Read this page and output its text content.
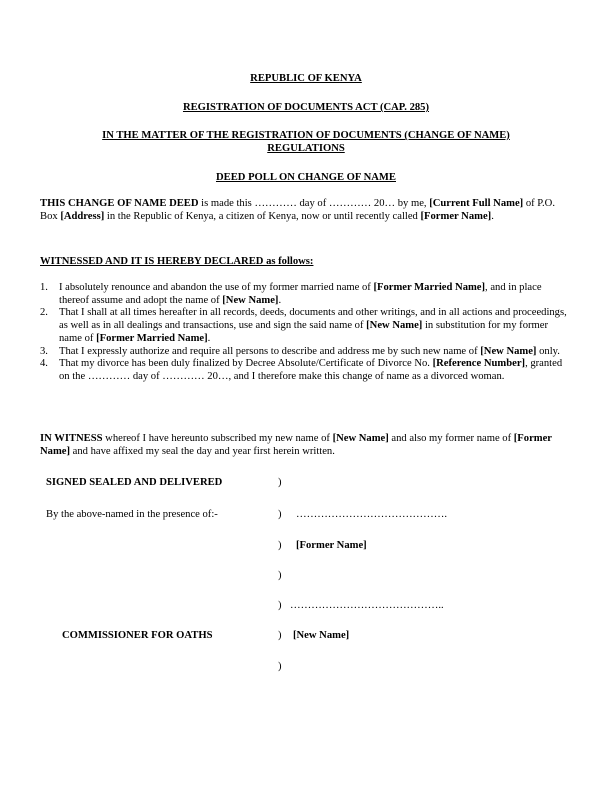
REPUBLIC OF KENYA
REGISTRATION OF DOCUMENTS ACT (CAP. 285)
IN THE MATTER OF THE REGISTRATION OF DOCUMENTS (CHANGE OF NAME)
REGULATIONS
DEED POLL ON CHANGE OF NAME
THIS CHANGE OF NAME DEED is made this ………… day of ………… 20… by me, [Current Full Name] of P.O. Box [Address] in the Republic of Kenya, a citizen of Kenya, now or until recently called [Former Name].
WITNESSED AND IT IS HEREBY DECLARED as follows:
1. I absolutely renounce and abandon the use of my former married name of [Former Married Name], and in place thereof assume and adopt the name of [New Name].
2. That I shall at all times hereafter in all records, deeds, documents and other writings, and in all actions and proceedings, as well as in all dealings and transactions, use and sign the said name of [New Name] in substitution for my former name of [Former Married Name].
3. That I expressly authorize and require all persons to describe and address me by such new name of [New Name] only.
4. That my divorce has been duly finalized by Decree Absolute/Certificate of Divorce No. [Reference Number], granted on the ………… day of ………… 20…, and I therefore make this change of name as a divorced woman.
IN WITNESS whereof I have hereunto subscribed my new name of [New Name] and also my former name of [Former Name] and have affixed my seal the day and year first herein written.
SIGNED SEALED AND DELIVERED	)
By the above-named in the presence of:-	) …………………………………….
) [Former Name]
)
) ……………………………………..
COMMISSIONER FOR OATHS	) [New Name]
)
